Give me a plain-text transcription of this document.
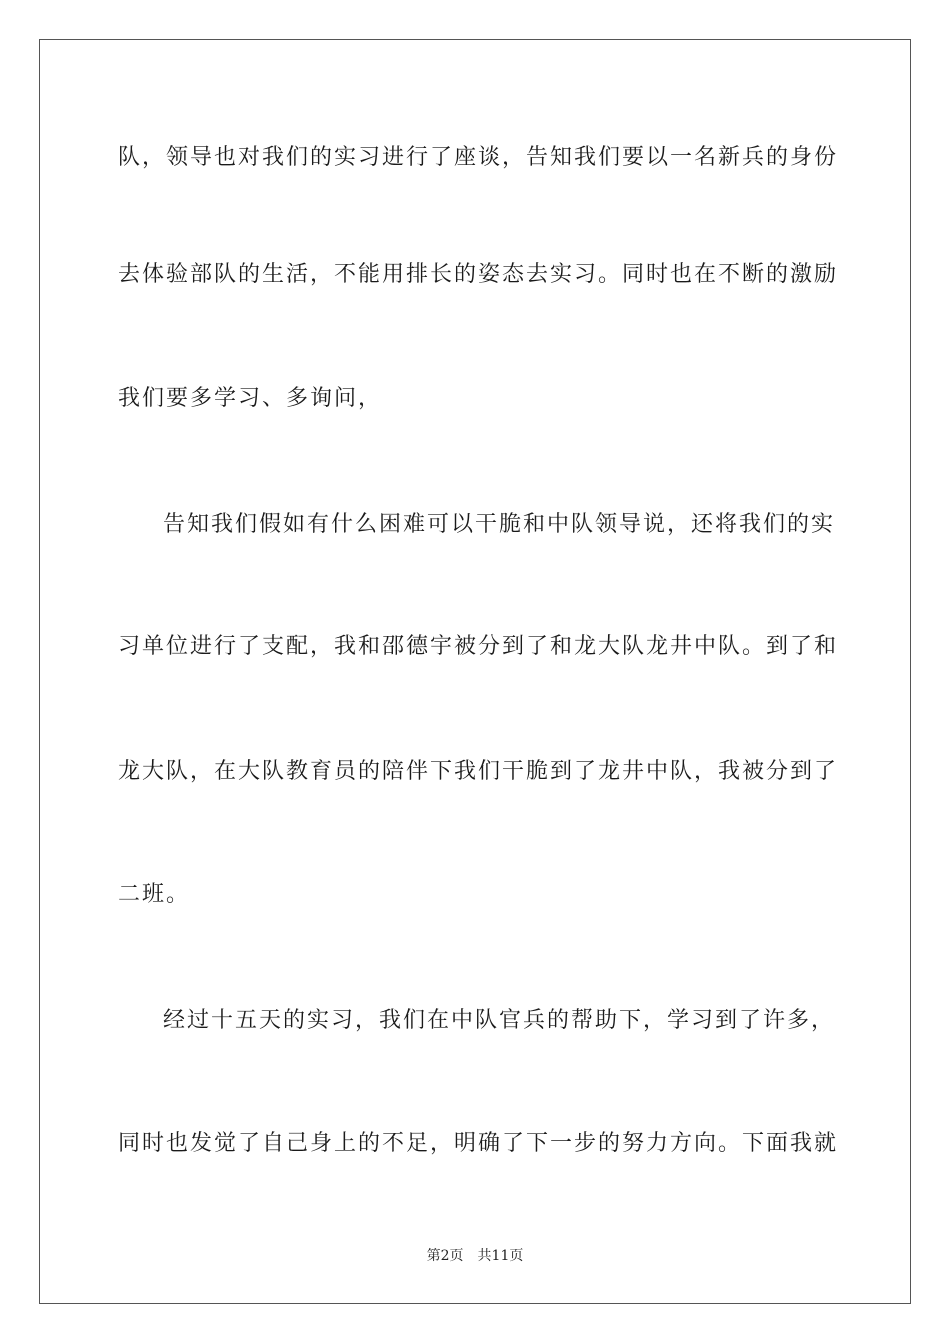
队，领导也对我们的实习进行了座谈，告知我们要以一名新兵的身份
去体验部队的生活，不能用排长的姿态去实习。同时也在不断的激励
我们要多学习、多询问，
告知我们假如有什么困难可以干脆和中队领导说，还将我们的实
习单位进行了支配，我和邵德宇被分到了和龙大队龙井中队。到了和
龙大队，在大队教育员的陪伴下我们干脆到了龙井中队，我被分到了
二班。
经过十五天的实习，我们在中队官兵的帮助下，学习到了许多，
同时也发觉了自己身上的不足，明确了下一步的努力方向。下面我就
第2页 共11页
